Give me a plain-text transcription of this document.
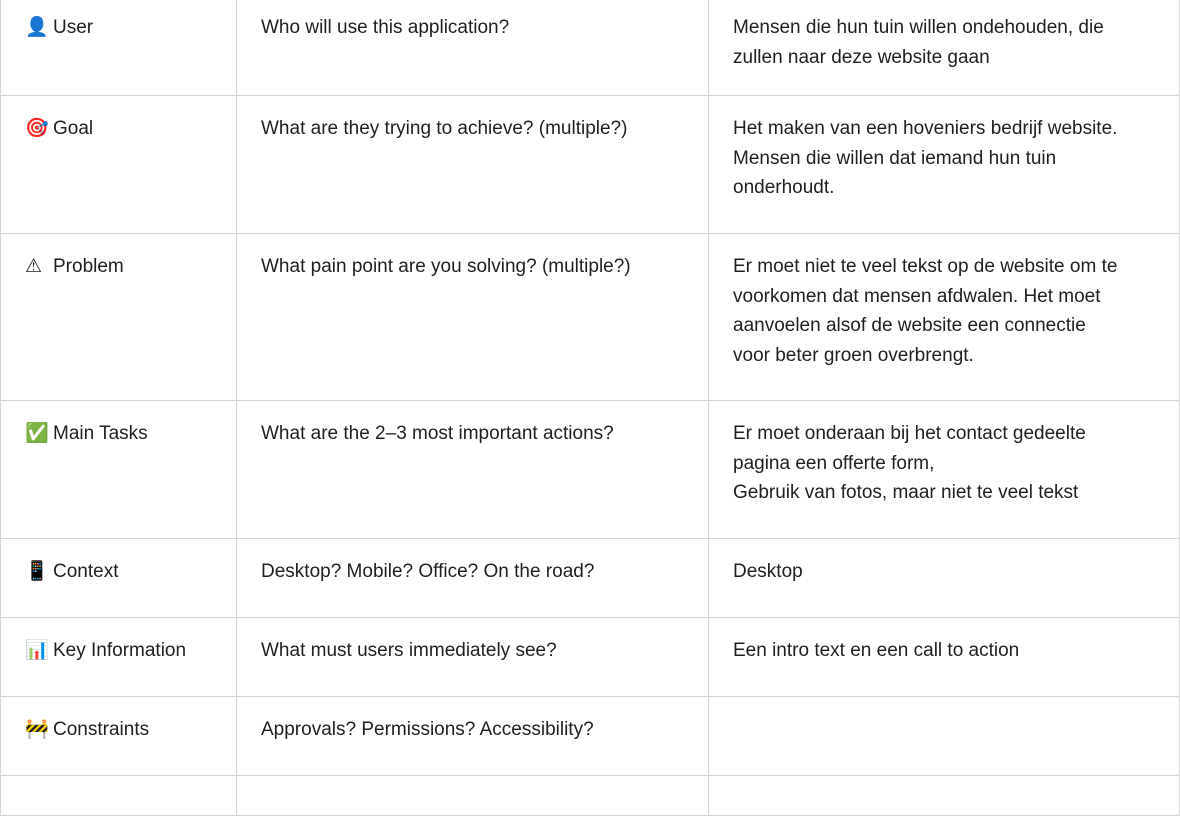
👤 User	Who will use this application?	Mensen die hun tuin willen ondehouden, die
zullen naar deze website gaan
🎯 Goal	What are they trying to achieve? (multiple?)	Het maken van een hoveniers bedrijf website.
Mensen die willen dat iemand hun tuin
onderhoudt.
⚠ Problem	What pain point are you solving? (multiple?)	Er moet niet te veel tekst op de website om te
voorkomen dat mensen afdwalen. Het moet
aanvoelen alsof de website een connectie
voor beter groen overbrengt.
✅ Main Tasks	What are the 2–3 most important actions?	Er moet onderaan bij het contact gedeelte
pagina een offerte form,
Gebruik van fotos, maar niet te veel tekst
📱 Context	Desktop? Mobile? Office? On the road?	Desktop
📊 Key Information	What must users immediately see?	Een intro text en een call to action
🚧 Constraints	Approvals? Permissions? Accessibility?
